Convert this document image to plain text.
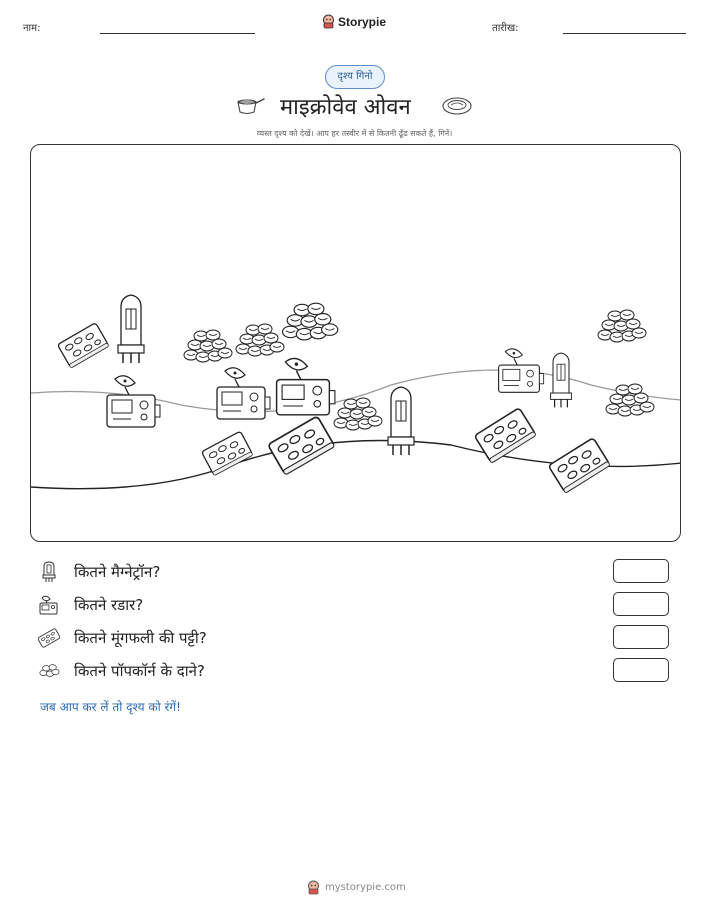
नाम:	Storypie	तारीख:
दृश्य गिनो
माइक्रोवेव ओवन
व्यस्त दृश्य को देखें। आप हर तस्वीर में से कितनी ढूँढ सकते हैं, गिनें।
कितने मैग्नेट्रॉन?
कितने रडार?
कितने मूंगफली की पट्टी?
कितने पॉपकॉर्न के दाने?
जब आप कर लें तो दृश्य को रंगें!
mystorypie.com
